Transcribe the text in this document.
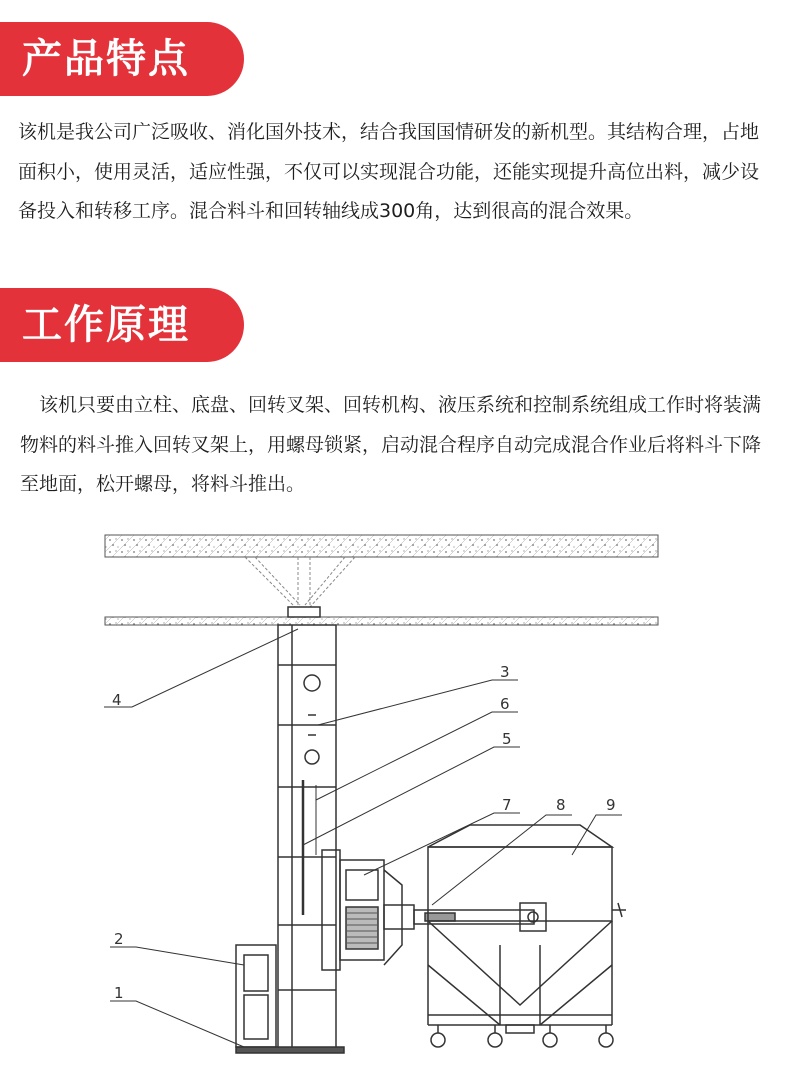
产品特点
该机是我公司广泛吸收、消化国外技术，结合我国国情研发的新机型。其结构合理，占地面积小，使用灵活，适应性强，不仅可以实现混合功能，还能实现提升高位出料，减少设备投入和转移工序。混合料斗和回转轴线成300角，达到很高的混合效果。
工作原理
该机只要由立柱、底盘、回转叉架、回转机构、液压系统和控制系统组成工作时将装满物料的料斗推入回转叉架上，用螺母锁紧，启动混合程序自动完成混合作业后将料斗下降至地面，松开螺母，将料斗推出。
4
3
6
5
7	8	9
2
1
